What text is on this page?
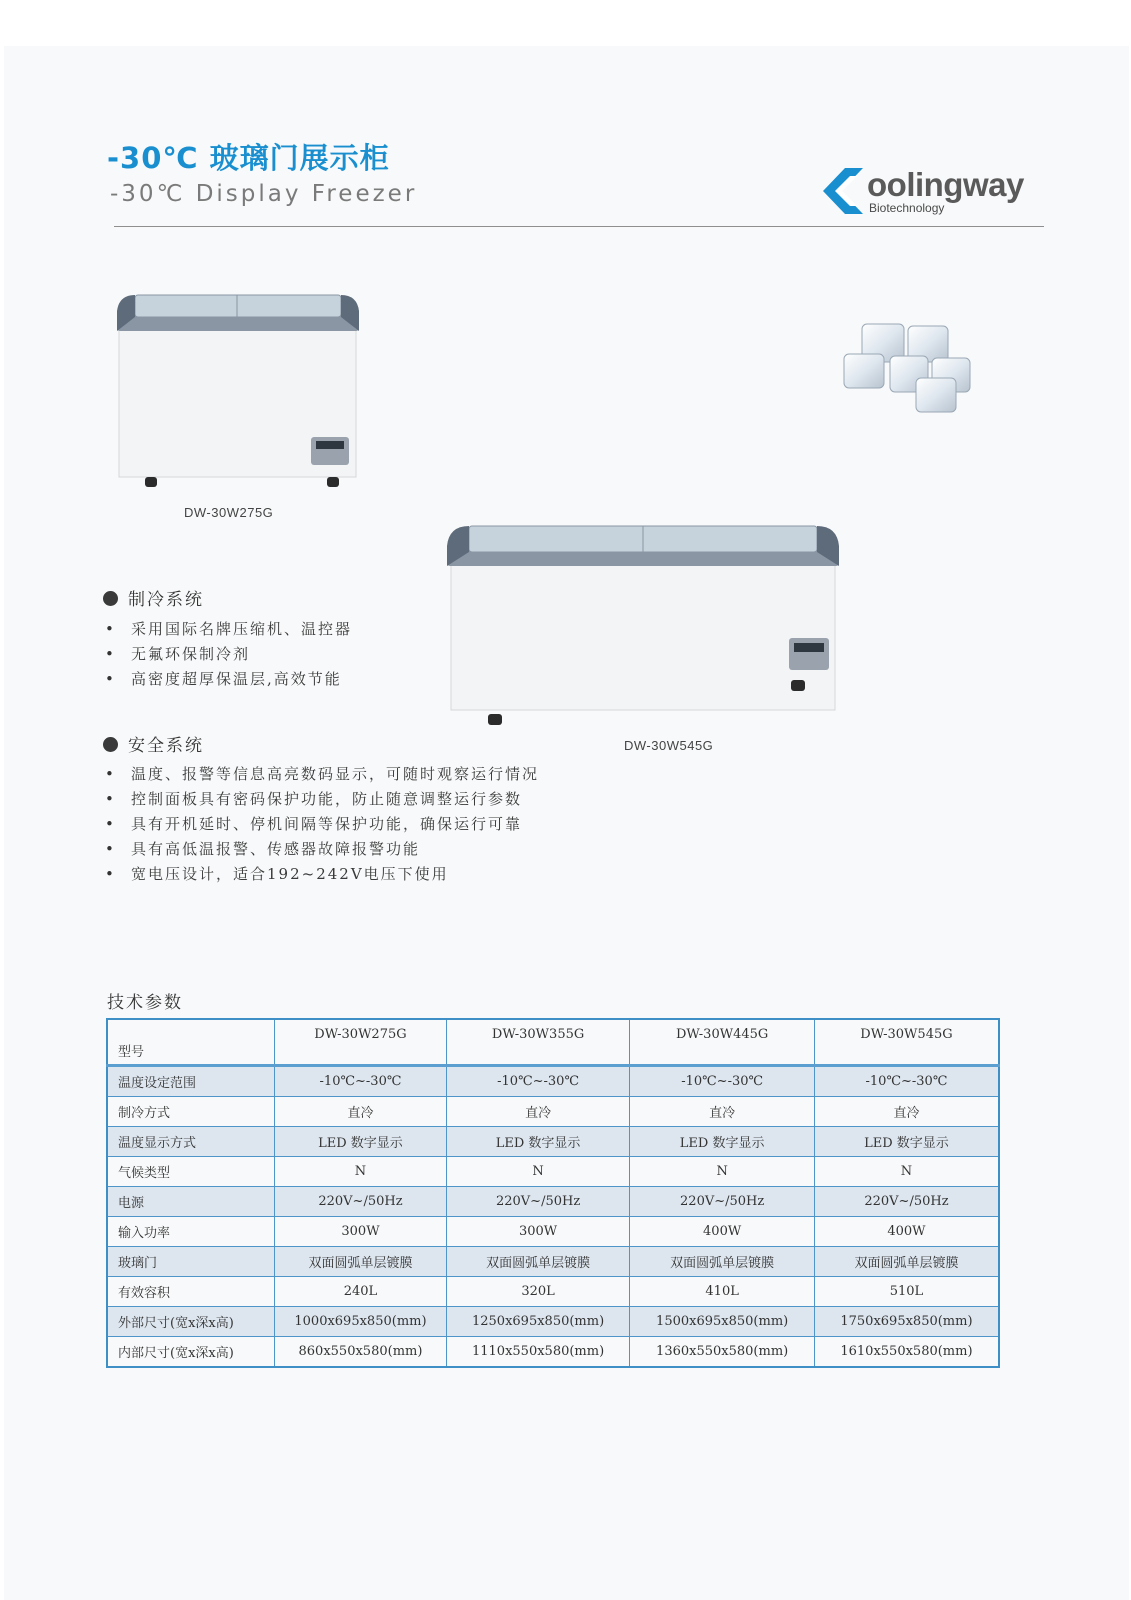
-30℃ 玻璃门展示柜
-30℃ Display Freezer	oolingway
Biotechnology
DW-30W275G
DW-30W545G
制冷系统
• 采用国际名牌压缩机、温控器
• 无氟环保制冷剂
• 高密度超厚保温层,高效节能
安全系统
• 温度、报警等信息高亮数码显示，可随时观察运行情况
• 控制面板具有密码保护功能，防止随意调整运行参数
• 具有开机延时、停机间隔等保护功能，确保运行可靠
• 具有高低温报警、传感器故障报警功能
• 宽电压设计，适合192~242V电压下使用
技术参数
型号	DW-30W275G	DW-30W355G	DW-30W445G	DW-30W545G
温度设定范围	-10℃~-30℃	-10℃~-30℃	-10℃~-30℃	-10℃~-30℃
制冷方式	直冷	直冷	直冷	直冷
温度显示方式	LED 数字显示	LED 数字显示	LED 数字显示	LED 数字显示
气候类型	N	N	N	N
电源	220V~/50Hz	220V~/50Hz	220V~/50Hz	220V~/50Hz
输入功率	300W	300W	400W	400W
玻璃门	双面圆弧单层镀膜	双面圆弧单层镀膜	双面圆弧单层镀膜	双面圆弧单层镀膜
有效容积	240L	320L	410L	510L
外部尺寸(宽x深x高)	1000x695x850(mm)	1250x695x850(mm)	1500x695x850(mm)	1750x695x850(mm)
内部尺寸(宽x深x高)	860x550x580(mm)	1110x550x580(mm)	1360x550x580(mm)	1610x550x580(mm)
